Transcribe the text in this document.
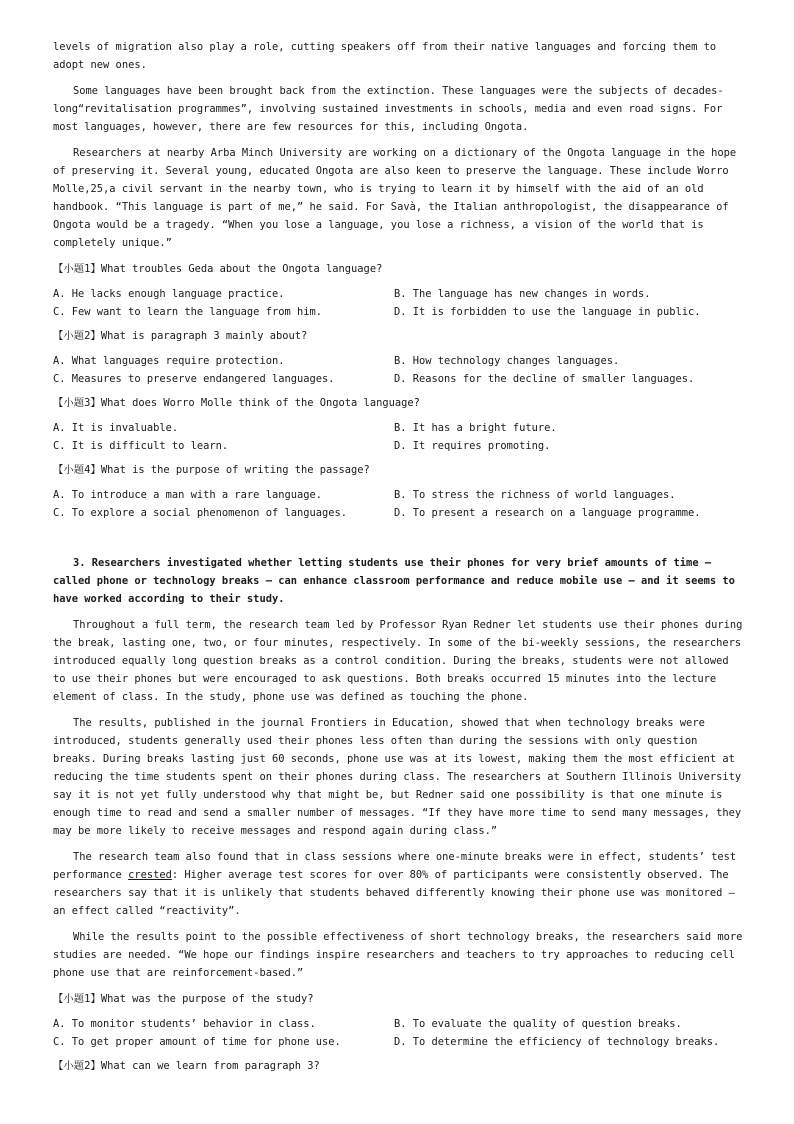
levels of migration also play a role, cutting speakers off from their native languages and forcing them to adopt new ones.

Some languages have been brought back from the extinction. These languages were the subjects of decades-long“revitalisation programmes”, involving sustained investments in schools, media and even road signs. For most languages, however, there are few resources for this, including Ongota.

Researchers at nearby Arba Minch University are working on a dictionary of the Ongota language in the hope of preserving it. Several young, educated Ongota are also keen to preserve the language. These include Worro Molle,25,a civil servant in the nearby town, who is trying to learn it by himself with the aid of an old handbook. “This language is part of me,” he said. For Savà, the Italian anthropologist, the disappearance of Ongota would be a tragedy. “When you lose a language, you lose a richness, a vision of the world that is completely unique.”

【小题1】What troubles Geda about the Ongota language?

A. He lacks enough language practice.	B. The language has new changes in words.
C. Few want to learn the language from him.	D. It is forbidden to use the language in public.

【小题2】What is paragraph 3 mainly about?

A. What languages require protection.	B. How technology changes languages.
C. Measures to preserve endangered languages.	D. Reasons for the decline of smaller languages.

【小题3】What does Worro Molle think of the Ongota language?

A. It is invaluable.	B. It has a bright future.
C. It is difficult to learn.	D. It requires promoting.

【小题4】What is the purpose of writing the passage?

A. To introduce a man with a rare language.	B. To stress the richness of world languages.
C. To explore a social phenomenon of languages.	D. To present a research on a language programme.

3. Researchers investigated whether letting students use their phones for very brief amounts of time — called phone or technology breaks — can enhance classroom performance and reduce mobile use — and it seems to have worked according to their study.

Throughout a full term, the research team led by Professor Ryan Redner let students use their phones during the break, lasting one, two, or four minutes, respectively. In some of the bi-weekly sessions, the researchers introduced equally long question breaks as a control condition. During the breaks, students were not allowed to use their phones but were encouraged to ask questions. Both breaks occurred 15 minutes into the lecture element of class. In the study, phone use was defined as touching the phone.

The results, published in the journal Frontiers in Education, showed that when technology breaks were introduced, students generally used their phones less often than during the sessions with only question breaks. During breaks lasting just 60 seconds, phone use was at its lowest, making them the most efficient at reducing the time students spent on their phones during class. The researchers at Southern Illinois University say it is not yet fully understood why that might be, but Redner said one possibility is that one minute is enough time to read and send a smaller number of messages. “If they have more time to send many messages, they may be more likely to receive messages and respond again during class.”

The research team also found that in class sessions where one-minute breaks were in effect, students’ test performance crested: Higher average test scores for over 80% of participants were consistently observed. The researchers say that it is unlikely that students behaved differently knowing their phone use was monitored — an effect called “reactivity”.

While the results point to the possible effectiveness of short technology breaks, the researchers said more studies are needed. “We hope our findings inspire researchers and teachers to try approaches to reducing cell phone use that are reinforcement-based.”

【小题1】What was the purpose of the study?

A. To monitor students’ behavior in class.	B. To evaluate the quality of question breaks.
C. To get proper amount of time for phone use.	D. To determine the efficiency of technology breaks.

【小题2】What can we learn from paragraph 3?
